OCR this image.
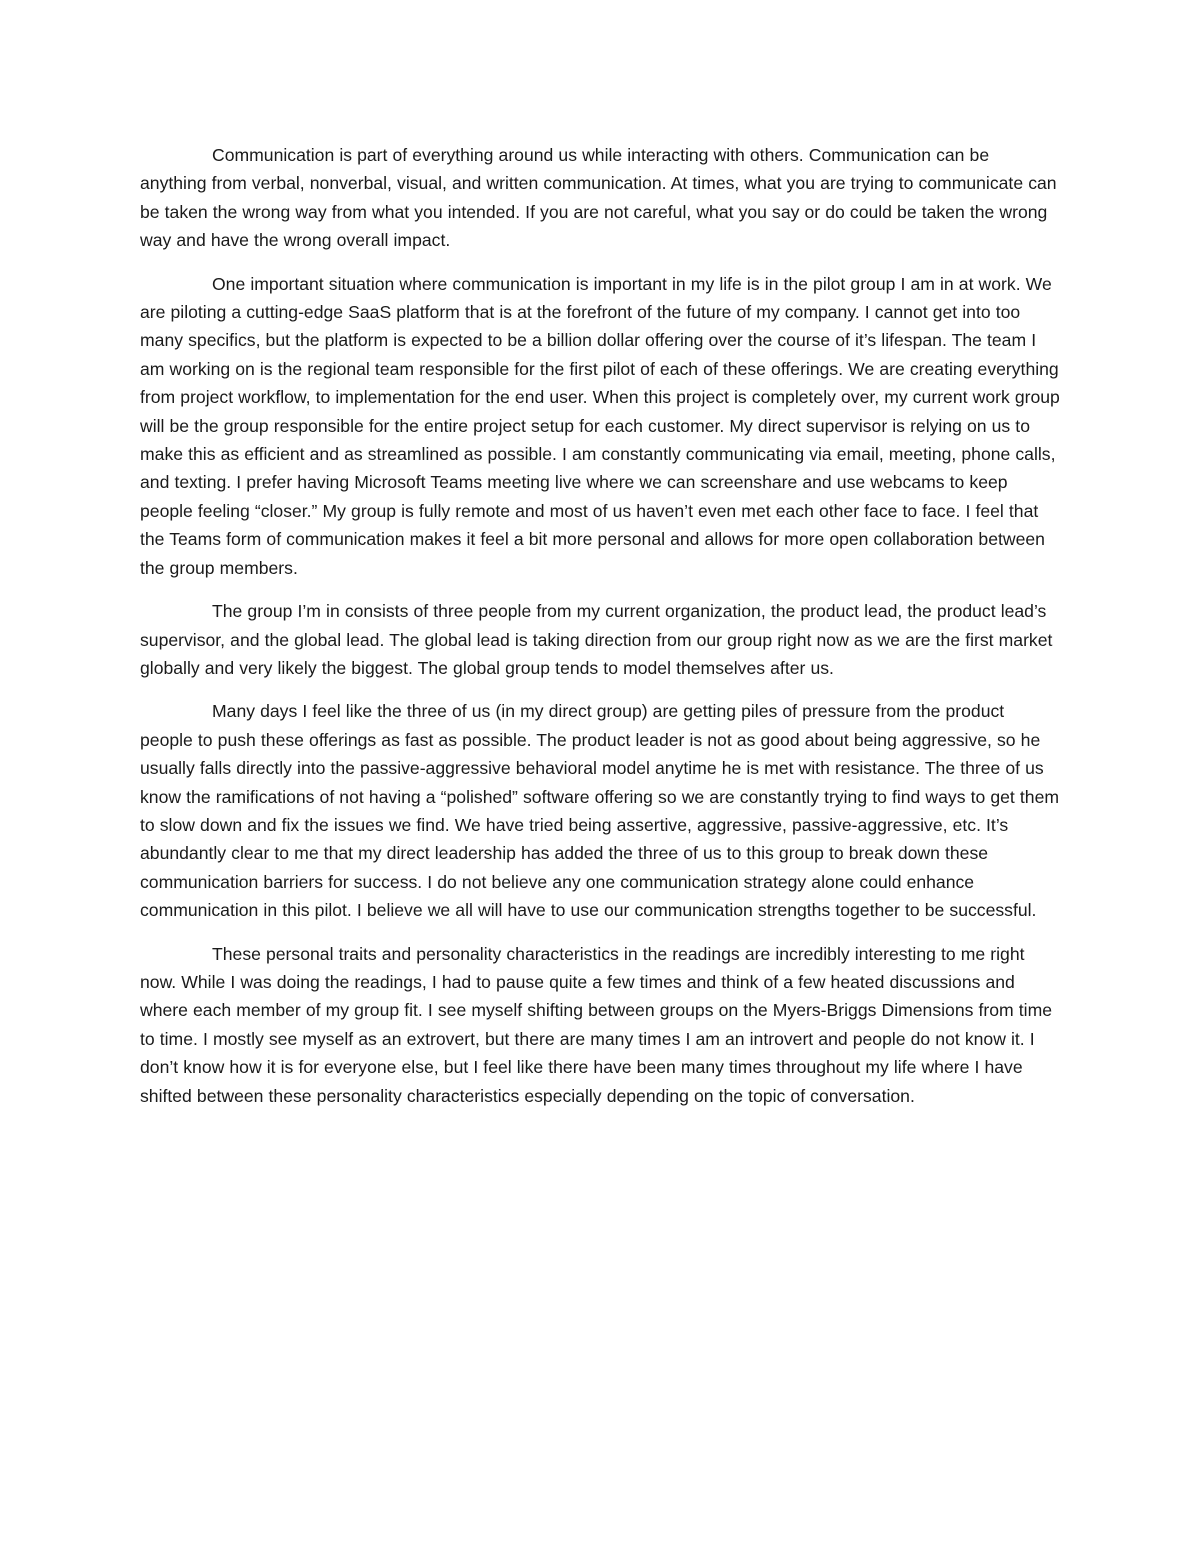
Communication is part of everything around us while interacting with others. Communication can be anything from verbal, nonverbal, visual, and written communication. At times, what you are trying to communicate can be taken the wrong way from what you intended. If you are not careful, what you say or do could be taken the wrong way and have the wrong overall impact.

One important situation where communication is important in my life is in the pilot group I am in at work. We are piloting a cutting-edge SaaS platform that is at the forefront of the future of my company. I cannot get into too many specifics, but the platform is expected to be a billion dollar offering over the course of it’s lifespan. The team I am working on is the regional team responsible for the first pilot of each of these offerings. We are creating everything from project workflow, to implementation for the end user. When this project is completely over, my current work group will be the group responsible for the entire project setup for each customer. My direct supervisor is relying on us to make this as efficient and as streamlined as possible. I am constantly communicating via email, meeting, phone calls, and texting. I prefer having Microsoft Teams meeting live where we can screenshare and use webcams to keep people feeling “closer.” My group is fully remote and most of us haven’t even met each other face to face. I feel that the Teams form of communication makes it feel a bit more personal and allows for more open collaboration between the group members.

The group I’m in consists of three people from my current organization, the product lead, the product lead’s supervisor, and the global lead. The global lead is taking direction from our group right now as we are the first market globally and very likely the biggest. The global group tends to model themselves after us.

Many days I feel like the three of us (in my direct group) are getting piles of pressure from the product people to push these offerings as fast as possible. The product leader is not as good about being aggressive, so he usually falls directly into the passive-aggressive behavioral model anytime he is met with resistance. The three of us know the ramifications of not having a “polished” software offering so we are constantly trying to find ways to get them to slow down and fix the issues we find. We have tried being assertive, aggressive, passive-aggressive, etc. It’s abundantly clear to me that my direct leadership has added the three of us to this group to break down these communication barriers for success. I do not believe any one communication strategy alone could enhance communication in this pilot. I believe we all will have to use our communication strengths together to be successful.

These personal traits and personality characteristics in the readings are incredibly interesting to me right now. While I was doing the readings, I had to pause quite a few times and think of a few heated discussions and where each member of my group fit. I see myself shifting between groups on the Myers-Briggs Dimensions from time to time. I mostly see myself as an extrovert, but there are many times I am an introvert and people do not know it. I don’t know how it is for everyone else, but I feel like there have been many times throughout my life where I have shifted between these personality characteristics especially depending on the topic of conversation.
